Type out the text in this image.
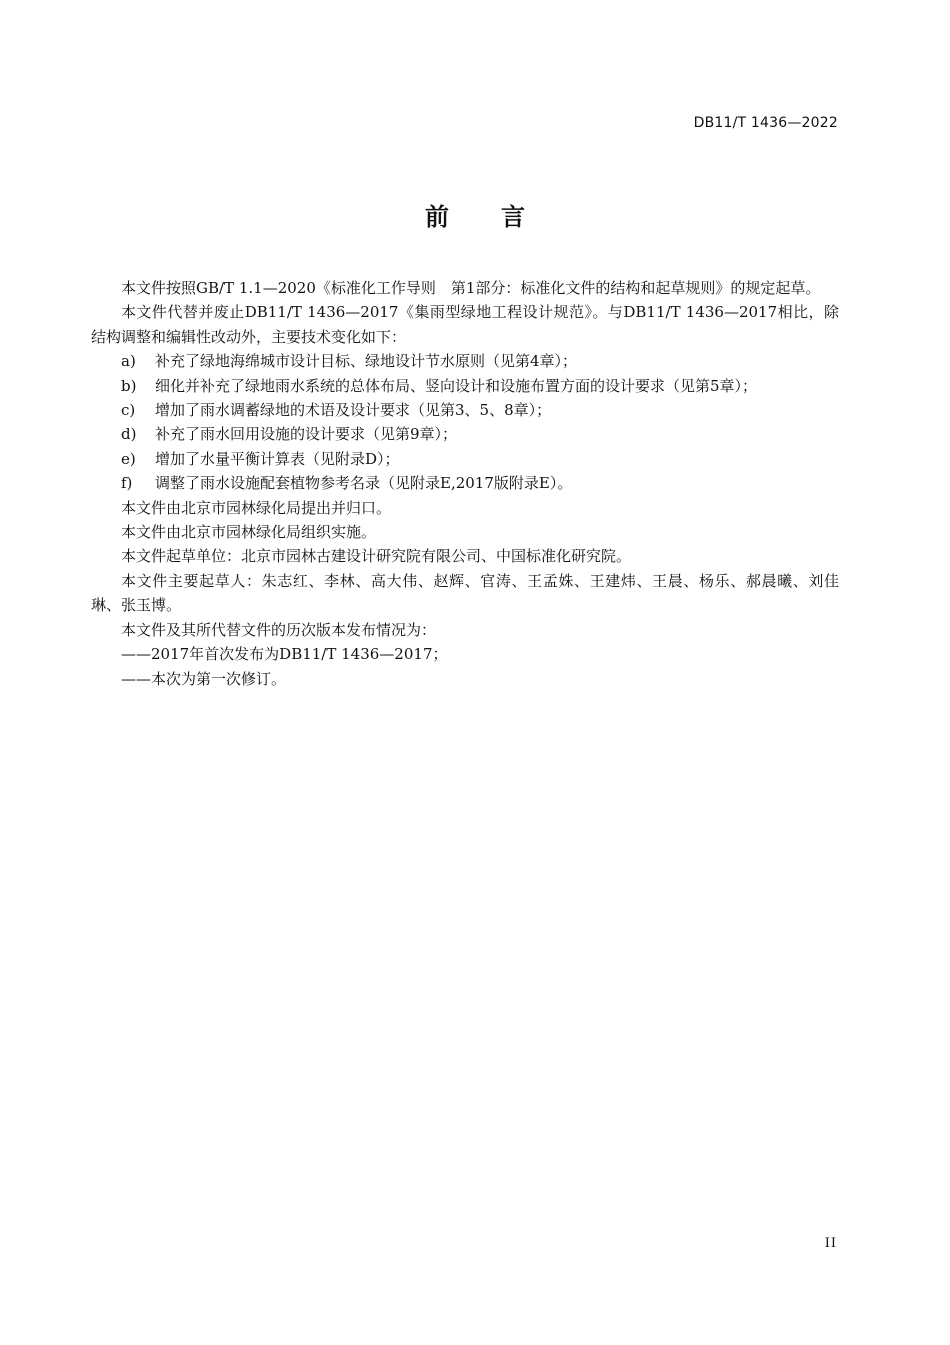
DB11/T 1436—2022
前 言

本文件按照GB/T 1.1—2020《标准化工作导则　第1部分：标准化文件的结构和起草规则》的规定起草。

本文件代替并废止DB11/T 1436—2017《集雨型绿地工程设计规范》。与DB11/T 1436—2017相比，除结构调整和编辑性改动外，主要技术变化如下：

a)	补充了绿地海绵城市设计目标、绿地设计节水原则（见第4章）；
b)	细化并补充了绿地雨水系统的总体布局、竖向设计和设施布置方面的设计要求（见第5章）；
c)	增加了雨水调蓄绿地的术语及设计要求（见第3、5、8章）；
d)	补充了雨水回用设施的设计要求（见第9章）；
e)	增加了水量平衡计算表（见附录D）；
f)	调整了雨水设施配套植物参考名录（见附录E,2017版附录E）。

本文件由北京市园林绿化局提出并归口。

本文件由北京市园林绿化局组织实施。

本文件起草单位：北京市园林古建设计研究院有限公司、中国标准化研究院。

本文件主要起草人：朱志红、李林、高大伟、赵辉、官涛、王孟姝、王建炜、王晨、杨乐、郝晨曦、刘佳琳、张玉博。

本文件及其所代替文件的历次版本发布情况为：

——2017年首次发布为DB11/T 1436—2017；

——本次为第一次修订。

II
